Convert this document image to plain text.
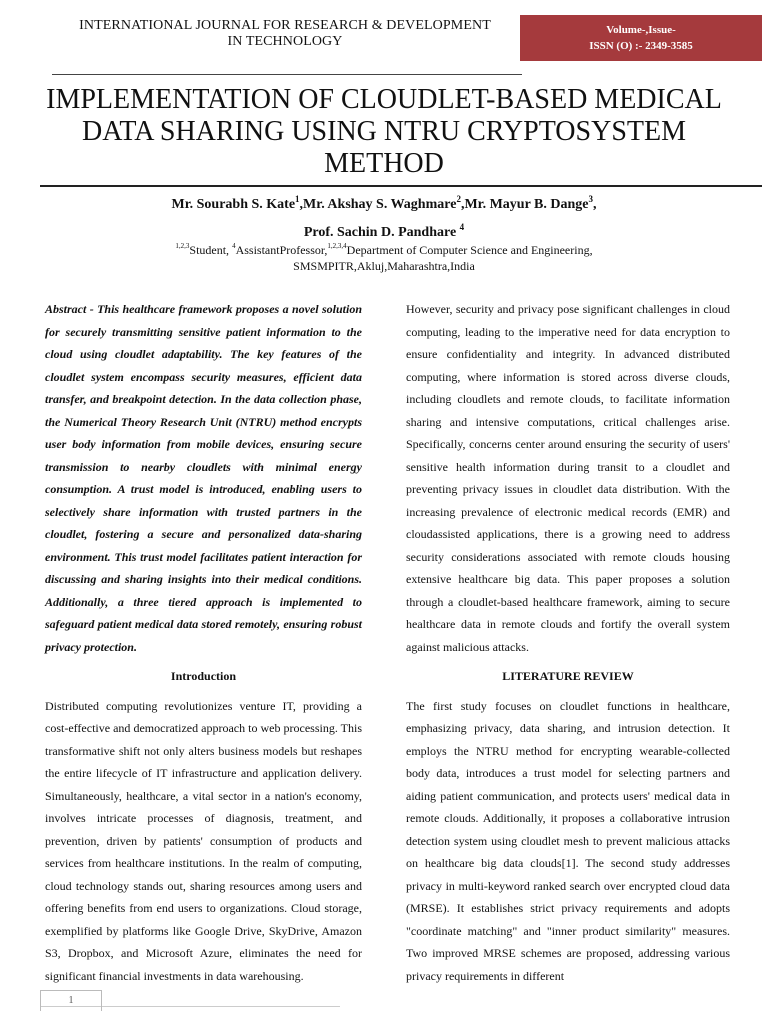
INTERNATIONAL JOURNAL FOR RESEARCH & DEVELOPMENT
IN TECHNOLOGY
Volume-,Issue-
ISSN (O) :- 2349-3585
IMPLEMENTATION OF CLOUDLET-BASED MEDICAL
DATA SHARING USING NTRU CRYPTOSYSTEM
METHOD
Mr. Sourabh S. Kate$^1$,Mr. Akshay S. Waghmare$^2$,Mr. Mayur B. Dange$^3$,
Prof. Sachin D. Pandhare $^4$
$^{1,2,3}$Student, $^4$AssistantProfessor,$^{1,2,3,4}$Department of Computer Science and Engineering,
SMSMPITR,Akluj,Maharashtra,India

Abstract - This healthcare framework proposes a novel solution for securely transmitting sensitive patient information to the cloud using cloudlet adaptability. The key features of the cloudlet system encompass security measures, efficient data transfer, and breakpoint detection. In the data collection phase, the Numerical Theory Research Unit (NTRU) method encrypts user body information from mobile devices, ensuring secure transmission to nearby cloudlets with minimal energy consumption. A trust model is introduced, enabling users to selectively share information with trusted partners in the cloudlet, fostering a secure and personalized data-sharing environment. This trust model facilitates patient interaction for discussing and sharing insights into their medical conditions. Additionally, a three tiered approach is implemented to safeguard patient medical data stored remotely, ensuring robust privacy protection.

Introduction

Distributed computing revolutionizes venture IT, providing a cost-effective and democratized approach to web processing. This transformative shift not only alters business models but reshapes the entire lifecycle of IT infrastructure and application delivery. Simultaneously, healthcare, a vital sector in a nation's economy, involves intricate processes of diagnosis, treatment, and prevention, driven by patients' consumption of products and services from healthcare institutions. In the realm of computing, cloud technology stands out, sharing resources among users and offering benefits from end users to organizations. Cloud storage, exemplified by platforms like Google Drive, SkyDrive, Amazon S3, Dropbox, and Microsoft Azure, eliminates the need for significant financial investments in data warehousing.

However, security and privacy pose significant challenges in cloud computing, leading to the imperative need for data encryption to ensure confidentiality and integrity. In advanced distributed computing, where information is stored across diverse clouds, including cloudlets and remote clouds, to facilitate information sharing and intensive computations, critical challenges arise. Specifically, concerns center around ensuring the security of users' sensitive health information during transit to a cloudlet and preventing privacy issues in cloudlet data distribution. With the increasing prevalence of electronic medical records (EMR) and cloudassisted applications, there is a growing need to address security considerations associated with remote clouds housing extensive healthcare big data. This paper proposes a solution through a cloudlet-based healthcare framework, aiming to secure healthcare data in remote clouds and fortify the overall system against malicious attacks.

LITERATURE REVIEW

The first study focuses on cloudlet functions in healthcare, emphasizing privacy, data sharing, and intrusion detection. It employs the NTRU method for encrypting wearable-collected body data, introduces a trust model for selecting partners and aiding patient communication, and protects users' medical data in remote clouds. Additionally, it proposes a collaborative intrusion detection system using cloudlet mesh to prevent malicious attacks on healthcare big data clouds[1]. The second study addresses privacy in multi-keyword ranked search over encrypted cloud data (MRSE). It establishes strict privacy requirements and adopts "coordinate matching" and "inner product similarity" measures. Two improved MRSE schemes are proposed, addressing various privacy requirements in different

1
